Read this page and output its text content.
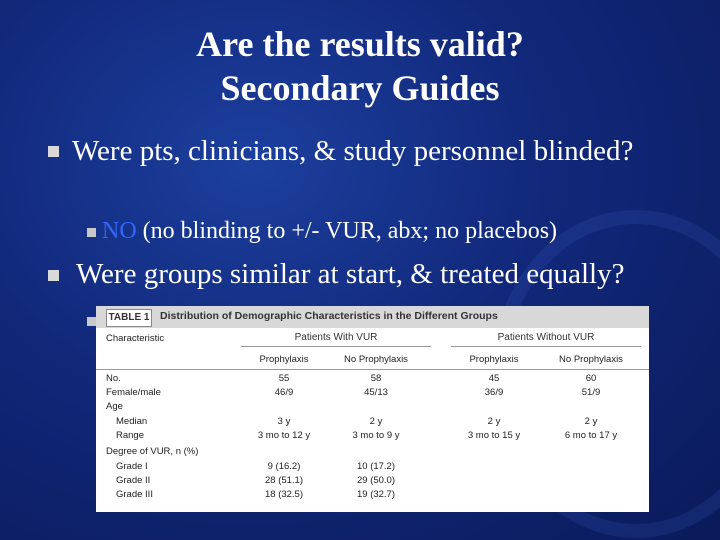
Are the results valid?
Secondary Guides
Were pts, clinicians, & study personnel blinded?
NO (no blinding to +/- VUR, abx; no placebos)
Were groups similar at start, & treated equally?
TABLE 1 Distribution of Demographic Characteristics in the Different Groups
Characteristic	Patients With VUR	Patients Without VUR
Prophylaxis	No Prophylaxis	Prophylaxis	No Prophylaxis
No.	55	58	45	60
Female/male	46/9	45/13	36/9	51/9
Age
Median	3 y	2 y	2 y	2 y
Range	3 mo to 12 y	3 mo to 9 y	3 mo to 15 y	6 mo to 17 y
Degree of VUR, n (%)
Grade I	9 (16.2)	10 (17.2)
Grade II	28 (51.1)	29 (50.0)
Grade III	18 (32.5)	19 (32.7)
